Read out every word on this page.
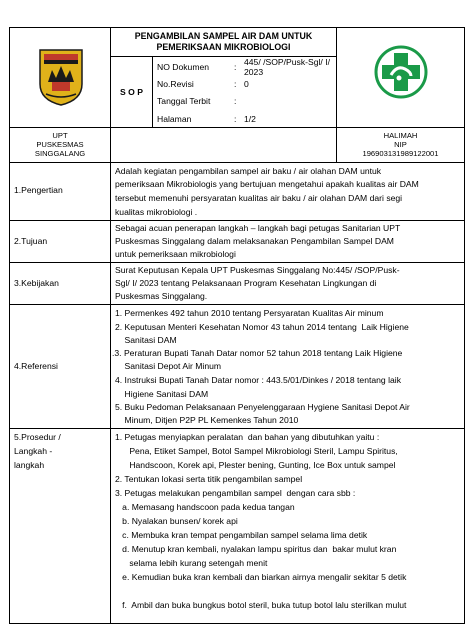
PENGAMBILAN SAMPEL AIR DAM UNTUK
PEMERIKSAAN MIKROBIOLOGI
S O P
NO Dokumen	: 445/ /SOP/Pusk-Sgl/ I/
2023
No.Revisi	: 0
Tanggal Terbit	:
Halaman	: 1/2
UPT
PUSKESMAS
SINGGALANG
HALIMAH
NIP
196903131989122001
1.Pengertian
Adalah kegiatan pengambilan sampel air baku / air olahan DAM untuk
pemeriksaan Mikrobiologis yang bertujuan mengetahui apakah kualitas air DAM
tersebut memenuhi persyaratan kualitas air baku / air olahan DAM dari segi
kualitas mikrobiologi .
2.Tujuan
Sebagai acuan penerapan langkah – langkah bagi petugas Sanitarian UPT
Puskesmas Singgalang dalam melaksanakan Pengambilan Sampel DAM
untuk pemeriksaan mikrobiologi
3.Kebijakan
Surat Keputusan Kepala UPT Puskesmas Singgalang No:445/ /SOP/Pusk-
Sgl/ I/ 2023 tentang Pelaksanaan Program Kesehatan Lingkungan di
Puskesmas Singgalang.
4.Referensi
1. Permenkes 492 tahun 2010 tentang Persyaratan Kualitas Air minum
2. Keputusan Menteri Kesehatan Nomor 43 tahun 2014 tentang  Laik Higiene
Sanitasi DAM
.3. Peraturan Bupati Tanah Datar nomor 52 tahun 2018 tentang Laik Higiene
Sanitasi Depot Air Minum
4. Instruksi Bupati Tanah Datar nomor : 443.5/01/Dinkes / 2018 tentang laik
Higiene Sanitasi DAM
5. Buku Pedoman Pelaksanaan Penyelenggaraan Hygiene Sanitasi Depot Air
Minum, Ditjen P2P PL Kemenkes Tahun 2010
5.Prosedur /
Langkah -
langkah
1. Petugas menyiapkan peralatan  dan bahan yang dibutuhkan yaitu :
Pena, Etiket Sampel, Botol Sampel Mikrobiologi Steril, Lampu Spiritus,
Handscoon, Korek api, Plester bening, Gunting, Ice Box untuk sampel
2. Tentukan lokasi serta titik pengambilan sampel
3. Petugas melakukan pengambilan sampel  dengan cara sbb :
a. Memasang handscoon pada kedua tangan
b. Nyalakan bunsen/ korek api
c. Membuka kran tempat pengambilan sampel selama lima detik
d. Menutup kran kembali, nyalakan lampu spiritus dan  bakar mulut kran
selama lebih kurang setengah menit
e. Kemudian buka kran kembali dan biarkan airnya mengalir sekitar 5 detik
f.  Ambil dan buka bungkus botol steril, buka tutup botol lalu sterilkan mulut
